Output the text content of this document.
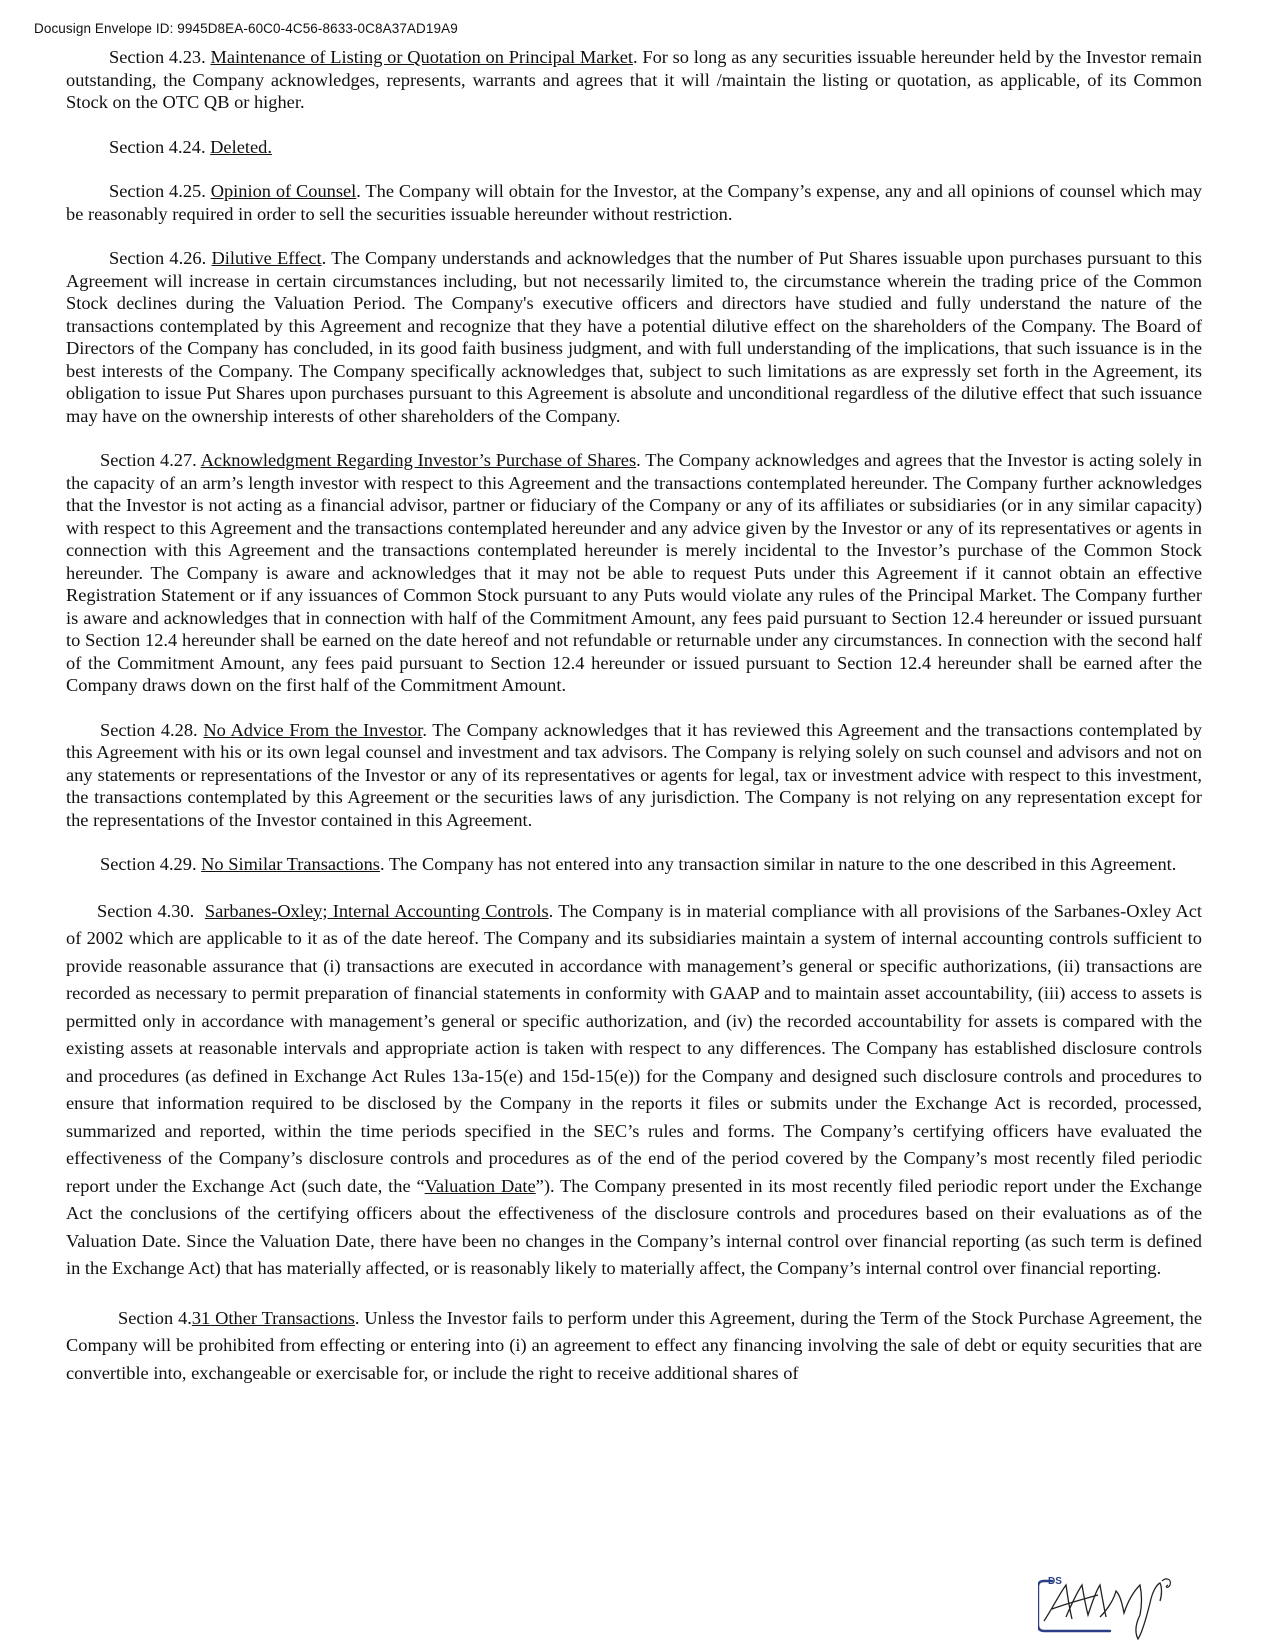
Docusign Envelope ID: 9945D8EA-60C0-4C56-8633-0C8A37AD19A9

Section 4.23. Maintenance of Listing or Quotation on Principal Market. For so long as any securities issuable hereunder held by the Investor remain outstanding, the Company acknowledges, represents, warrants and agrees that it will /maintain the listing or quotation, as applicable, of its Common Stock on the OTC QB or higher.

Section 4.24. Deleted.

Section 4.25. Opinion of Counsel. The Company will obtain for the Investor, at the Company’s expense, any and all opinions of counsel which may be reasonably required in order to sell the securities issuable hereunder without restriction.

Section 4.26. Dilutive Effect. The Company understands and acknowledges that the number of Put Shares issuable upon purchases pursuant to this Agreement will increase in certain circumstances including, but not necessarily limited to, the circumstance wherein the trading price of the Common Stock declines during the Valuation Period. The Company's executive officers and directors have studied and fully understand the nature of the transactions contemplated by this Agreement and recognize that they have a potential dilutive effect on the shareholders of the Company. The Board of Directors of the Company has concluded, in its good faith business judgment, and with full understanding of the implications, that such issuance is in the best interests of the Company. The Company specifically acknowledges that, subject to such limitations as are expressly set forth in the Agreement, its obligation to issue Put Shares upon purchases pursuant to this Agreement is absolute and unconditional regardless of the dilutive effect that such issuance may have on the ownership interests of other shareholders of the Company.

Section 4.27. Acknowledgment Regarding Investor’s Purchase of Shares. The Company acknowledges and agrees that the Investor is acting solely in the capacity of an arm’s length investor with respect to this Agreement and the transactions contemplated hereunder. The Company further acknowledges that the Investor is not acting as a financial advisor, partner or fiduciary of the Company or any of its affiliates or subsidiaries (or in any similar capacity) with respect to this Agreement and the transactions contemplated hereunder and any advice given by the Investor or any of its representatives or agents in connection with this Agreement and the transactions contemplated hereunder is merely incidental to the Investor’s purchase of the Common Stock hereunder. The Company is aware and acknowledges that it may not be able to request Puts under this Agreement if it cannot obtain an effective Registration Statement or if any issuances of Common Stock pursuant to any Puts would violate any rules of the Principal Market. The Company further is aware and acknowledges that in connection with half of the Commitment Amount, any fees paid pursuant to Section 12.4 hereunder or issued pursuant to Section 12.4 hereunder shall be earned on the date hereof and not refundable or returnable under any circumstances. In connection with the second half of the Commitment Amount, any fees paid pursuant to Section 12.4 hereunder or issued pursuant to Section 12.4 hereunder shall be earned after the Company draws down on the first half of the Commitment Amount.

Section 4.28. No Advice From the Investor. The Company acknowledges that it has reviewed this Agreement and the transactions contemplated by this Agreement with his or its own legal counsel and investment and tax advisors. The Company is relying solely on such counsel and advisors and not on any statements or representations of the Investor or any of its representatives or agents for legal, tax or investment advice with respect to this investment, the transactions contemplated by this Agreement or the securities laws of any jurisdiction. The Company is not relying on any representation except for the representations of the Investor contained in this Agreement.

Section 4.29. No Similar Transactions. The Company has not entered into any transaction similar in nature to the one described in this Agreement.

Section 4.30. Sarbanes-Oxley; Internal Accounting Controls. The Company is in material compliance with all provisions of the Sarbanes-Oxley Act of 2002 which are applicable to it as of the date hereof. The Company and its subsidiaries maintain a system of internal accounting controls sufficient to provide reasonable assurance that (i) transactions are executed in accordance with management’s general or specific authorizations, (ii) transactions are recorded as necessary to permit preparation of financial statements in conformity with GAAP and to maintain asset accountability, (iii) access to assets is permitted only in accordance with management’s general or specific authorization, and (iv) the recorded accountability for assets is compared with the existing assets at reasonable intervals and appropriate action is taken with respect to any differences. The Company has established disclosure controls and procedures (as defined in Exchange Act Rules 13a-15(e) and 15d-15(e)) for the Company and designed such disclosure controls and procedures to ensure that information required to be disclosed by the Company in the reports it files or submits under the Exchange Act is recorded, processed, summarized and reported, within the time periods specified in the SEC’s rules and forms. The Company’s certifying officers have evaluated the effectiveness of the Company’s disclosure controls and procedures as of the end of the period covered by the Company’s most recently filed periodic report under the Exchange Act (such date, the “Valuation Date”). The Company presented in its most recently filed periodic report under the Exchange Act the conclusions of the certifying officers about the effectiveness of the disclosure controls and procedures based on their evaluations as of the Valuation Date. Since the Valuation Date, there have been no changes in the Company’s internal control over financial reporting (as such term is defined in the Exchange Act) that has materially affected, or is reasonably likely to materially affect, the Company’s internal control over financial reporting.

Section 4.31 Other Transactions. Unless the Investor fails to perform under this Agreement, during the Term of the Stock Purchase Agreement, the Company will be prohibited from effecting or entering into (i) an agreement to effect any financing involving the sale of debt or equity securities that are convertible into, exchangeable or exercisable for, or include the right to receive additional shares of

DS
